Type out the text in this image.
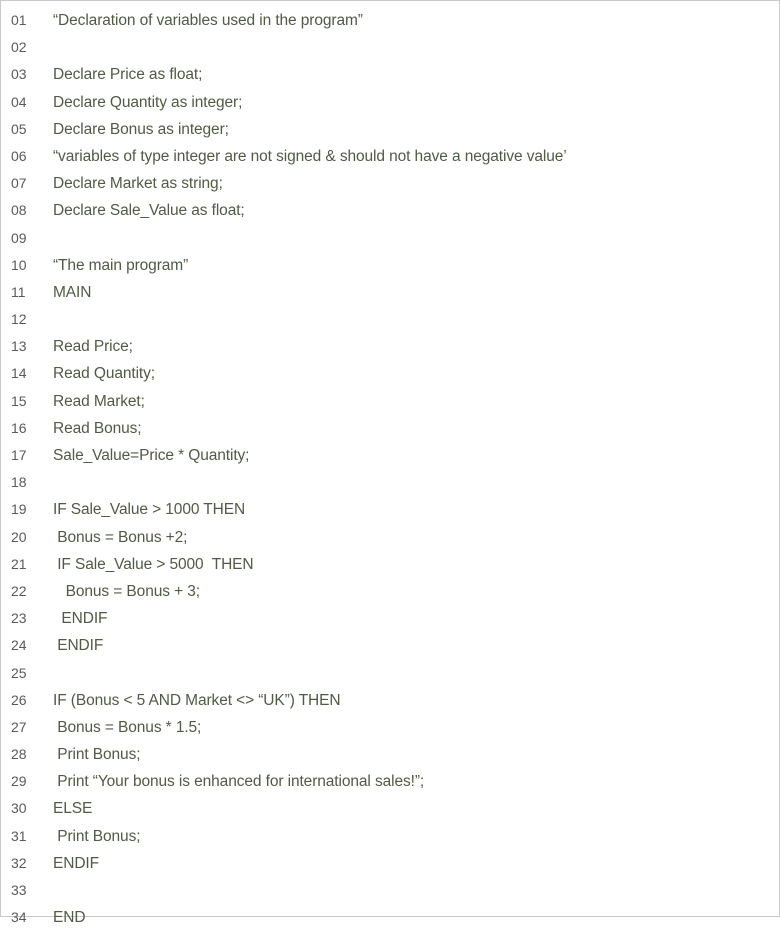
01	“Declaration of variables used in the program”
02
03	Declare Price as float;
04	Declare Quantity as integer;
05	Declare Bonus as integer;
06	“variables of type integer are not signed & should not have a negative value’
07	Declare Market as string;
08	Declare Sale_Value as float;
09
10	“The main program”
11	MAIN
12
13	Read Price;
14	Read Quantity;
15	Read Market;
16	Read Bonus;
17	Sale_Value=Price * Quantity;
18
19	IF Sale_Value > 1000 THEN
20	Bonus = Bonus +2;
21	IF Sale_Value > 5000  THEN
22	Bonus = Bonus + 3;
23	ENDIF
24	ENDIF
25
26	IF (Bonus < 5 AND Market <> “UK”) THEN
27	Bonus = Bonus * 1.5;
28	Print Bonus;
29	Print “Your bonus is enhanced for international sales!”;
30	ELSE
31	Print Bonus;
32	ENDIF
33
34	END
